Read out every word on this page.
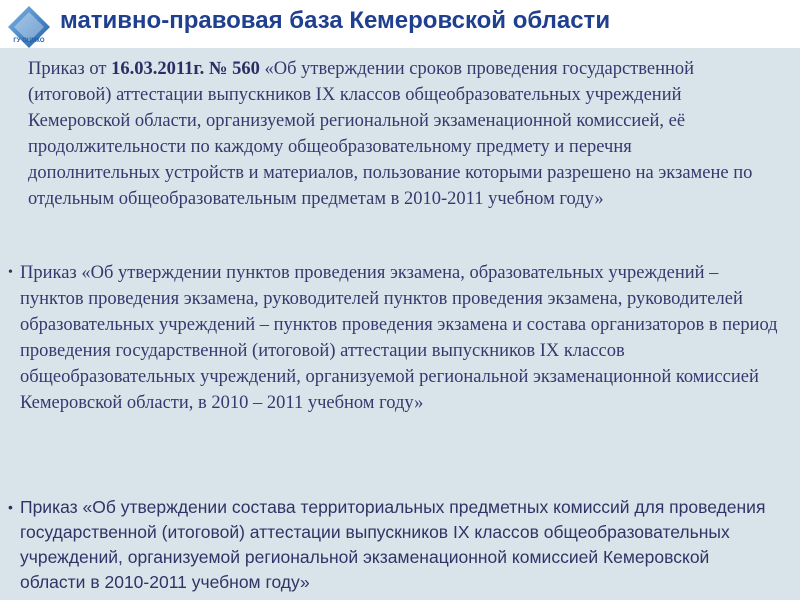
ГУ ОЦМКО
мативно-правовая база Кемеровской области
Приказ от 16.03.2011г. № 560 «Об утверждении сроков проведения государственной (итоговой) аттестации выпускников IX классов общеобразовательных учреждений Кемеровской области, организуемой региональной экзаменационной комиссией, её продолжительности по каждому общеобразовательному предмету и перечня дополнительных устройств и материалов, пользование которыми разрешено на экзамене по отдельным общеобразовательным предметам в 2010-2011 учебном году»
• Приказ «Об утверждении пунктов проведения экзамена, образовательных учреждений – пунктов проведения экзамена, руководителей пунктов проведения экзамена, руководителей образовательных учреждений – пунктов проведения экзамена и состава организаторов в период проведения государственной (итоговой) аттестации выпускников IX классов общеобразовательных учреждений, организуемой региональной экзаменационной комиссией Кемеровской области, в 2010 – 2011 учебном году»
• Приказ «Об утверждении состава территориальных предметных комиссий для проведения государственной (итоговой) аттестации выпускников IX классов общеобразовательных учреждений, организуемой региональной экзаменационной комиссией Кемеровской области в 2010-2011 учебном году»
